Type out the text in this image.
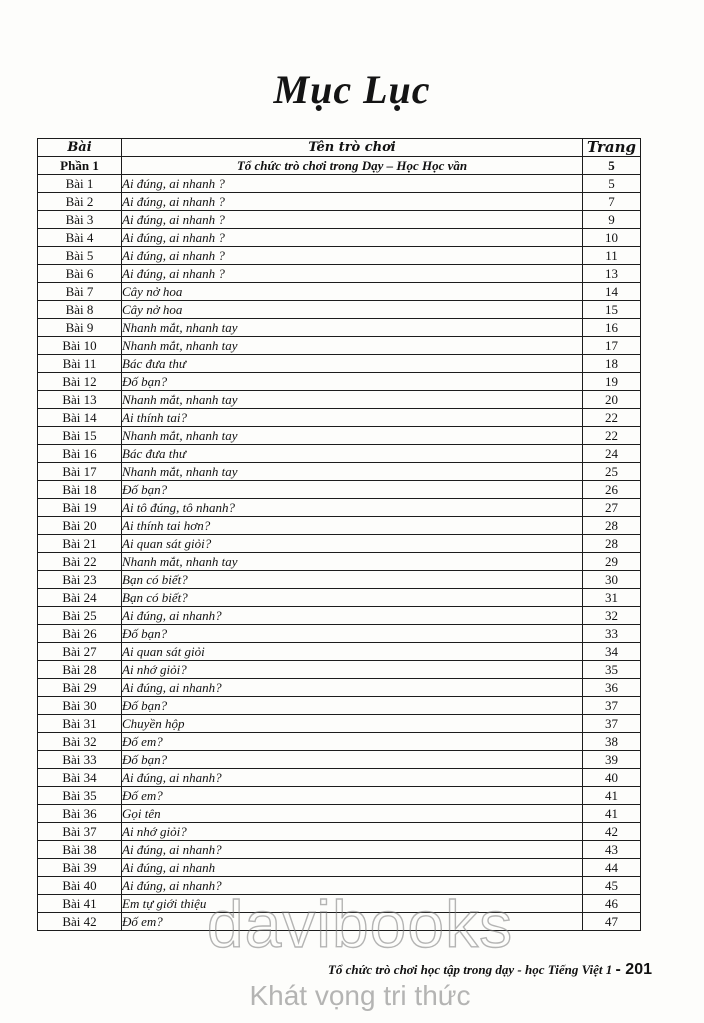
Mục Lục
Bài	Tên trò chơi	Trang
Phần 1	Tổ chức trò chơi trong Dạy – Học Học vần	5
Bài 1	Ai đúng, ai nhanh ?	5
Bài 2	Ai đúng, ai nhanh ?	7
Bài 3	Ai đúng, ai nhanh ?	9
Bài 4	Ai đúng, ai nhanh ?	10
Bài 5	Ai đúng, ai nhanh ?	11
Bài 6	Ai đúng, ai nhanh ?	13
Bài 7	Cây nở hoa	14
Bài 8	Cây nở hoa	15
Bài 9	Nhanh mắt, nhanh tay	16
Bài 10	Nhanh mắt, nhanh tay	17
Bài 11	Bác đưa thư	18
Bài 12	Đố bạn?	19
Bài 13	Nhanh mắt, nhanh tay	20
Bài 14	Ai thính tai?	22
Bài 15	Nhanh mắt, nhanh tay	22
Bài 16	Bác đưa thư	24
Bài 17	Nhanh mắt, nhanh tay	25
Bài 18	Đố bạn?	26
Bài 19	Ai tô đúng, tô nhanh?	27
Bài 20	Ai thính tai hơn?	28
Bài 21	Ai quan sát giỏi?	28
Bài 22	Nhanh mắt, nhanh tay	29
Bài 23	Bạn có biết?	30
Bài 24	Bạn có biết?	31
Bài 25	Ai đúng, ai nhanh?	32
Bài 26	Đố bạn?	33
Bài 27	Ai quan sát giỏi	34
Bài 28	Ai nhớ giỏi?	35
Bài 29	Ai đúng, ai nhanh?	36
Bài 30	Đố bạn?	37
Bài 31	Chuyền hộp	37
Bài 32	Đố em?	38
Bài 33	Đố bạn?	39
Bài 34	Ai đúng, ai nhanh?	40
Bài 35	Đố em?	41
Bài 36	Gọi tên	41
Bài 37	Ai nhớ giỏi?	42
Bài 38	Ai đúng, ai nhanh?	43
Bài 39	Ai đúng, ai nhanh	44
Bài 40	Ai đúng, ai nhanh?	45
Bài 41	Em tự giới thiệu	46
Bài 42	Đố em?	47
Tổ chức trò chơi học tập trong dạy - học Tiếng Việt 1 - 201
davibooks
Khát vọng tri thức
